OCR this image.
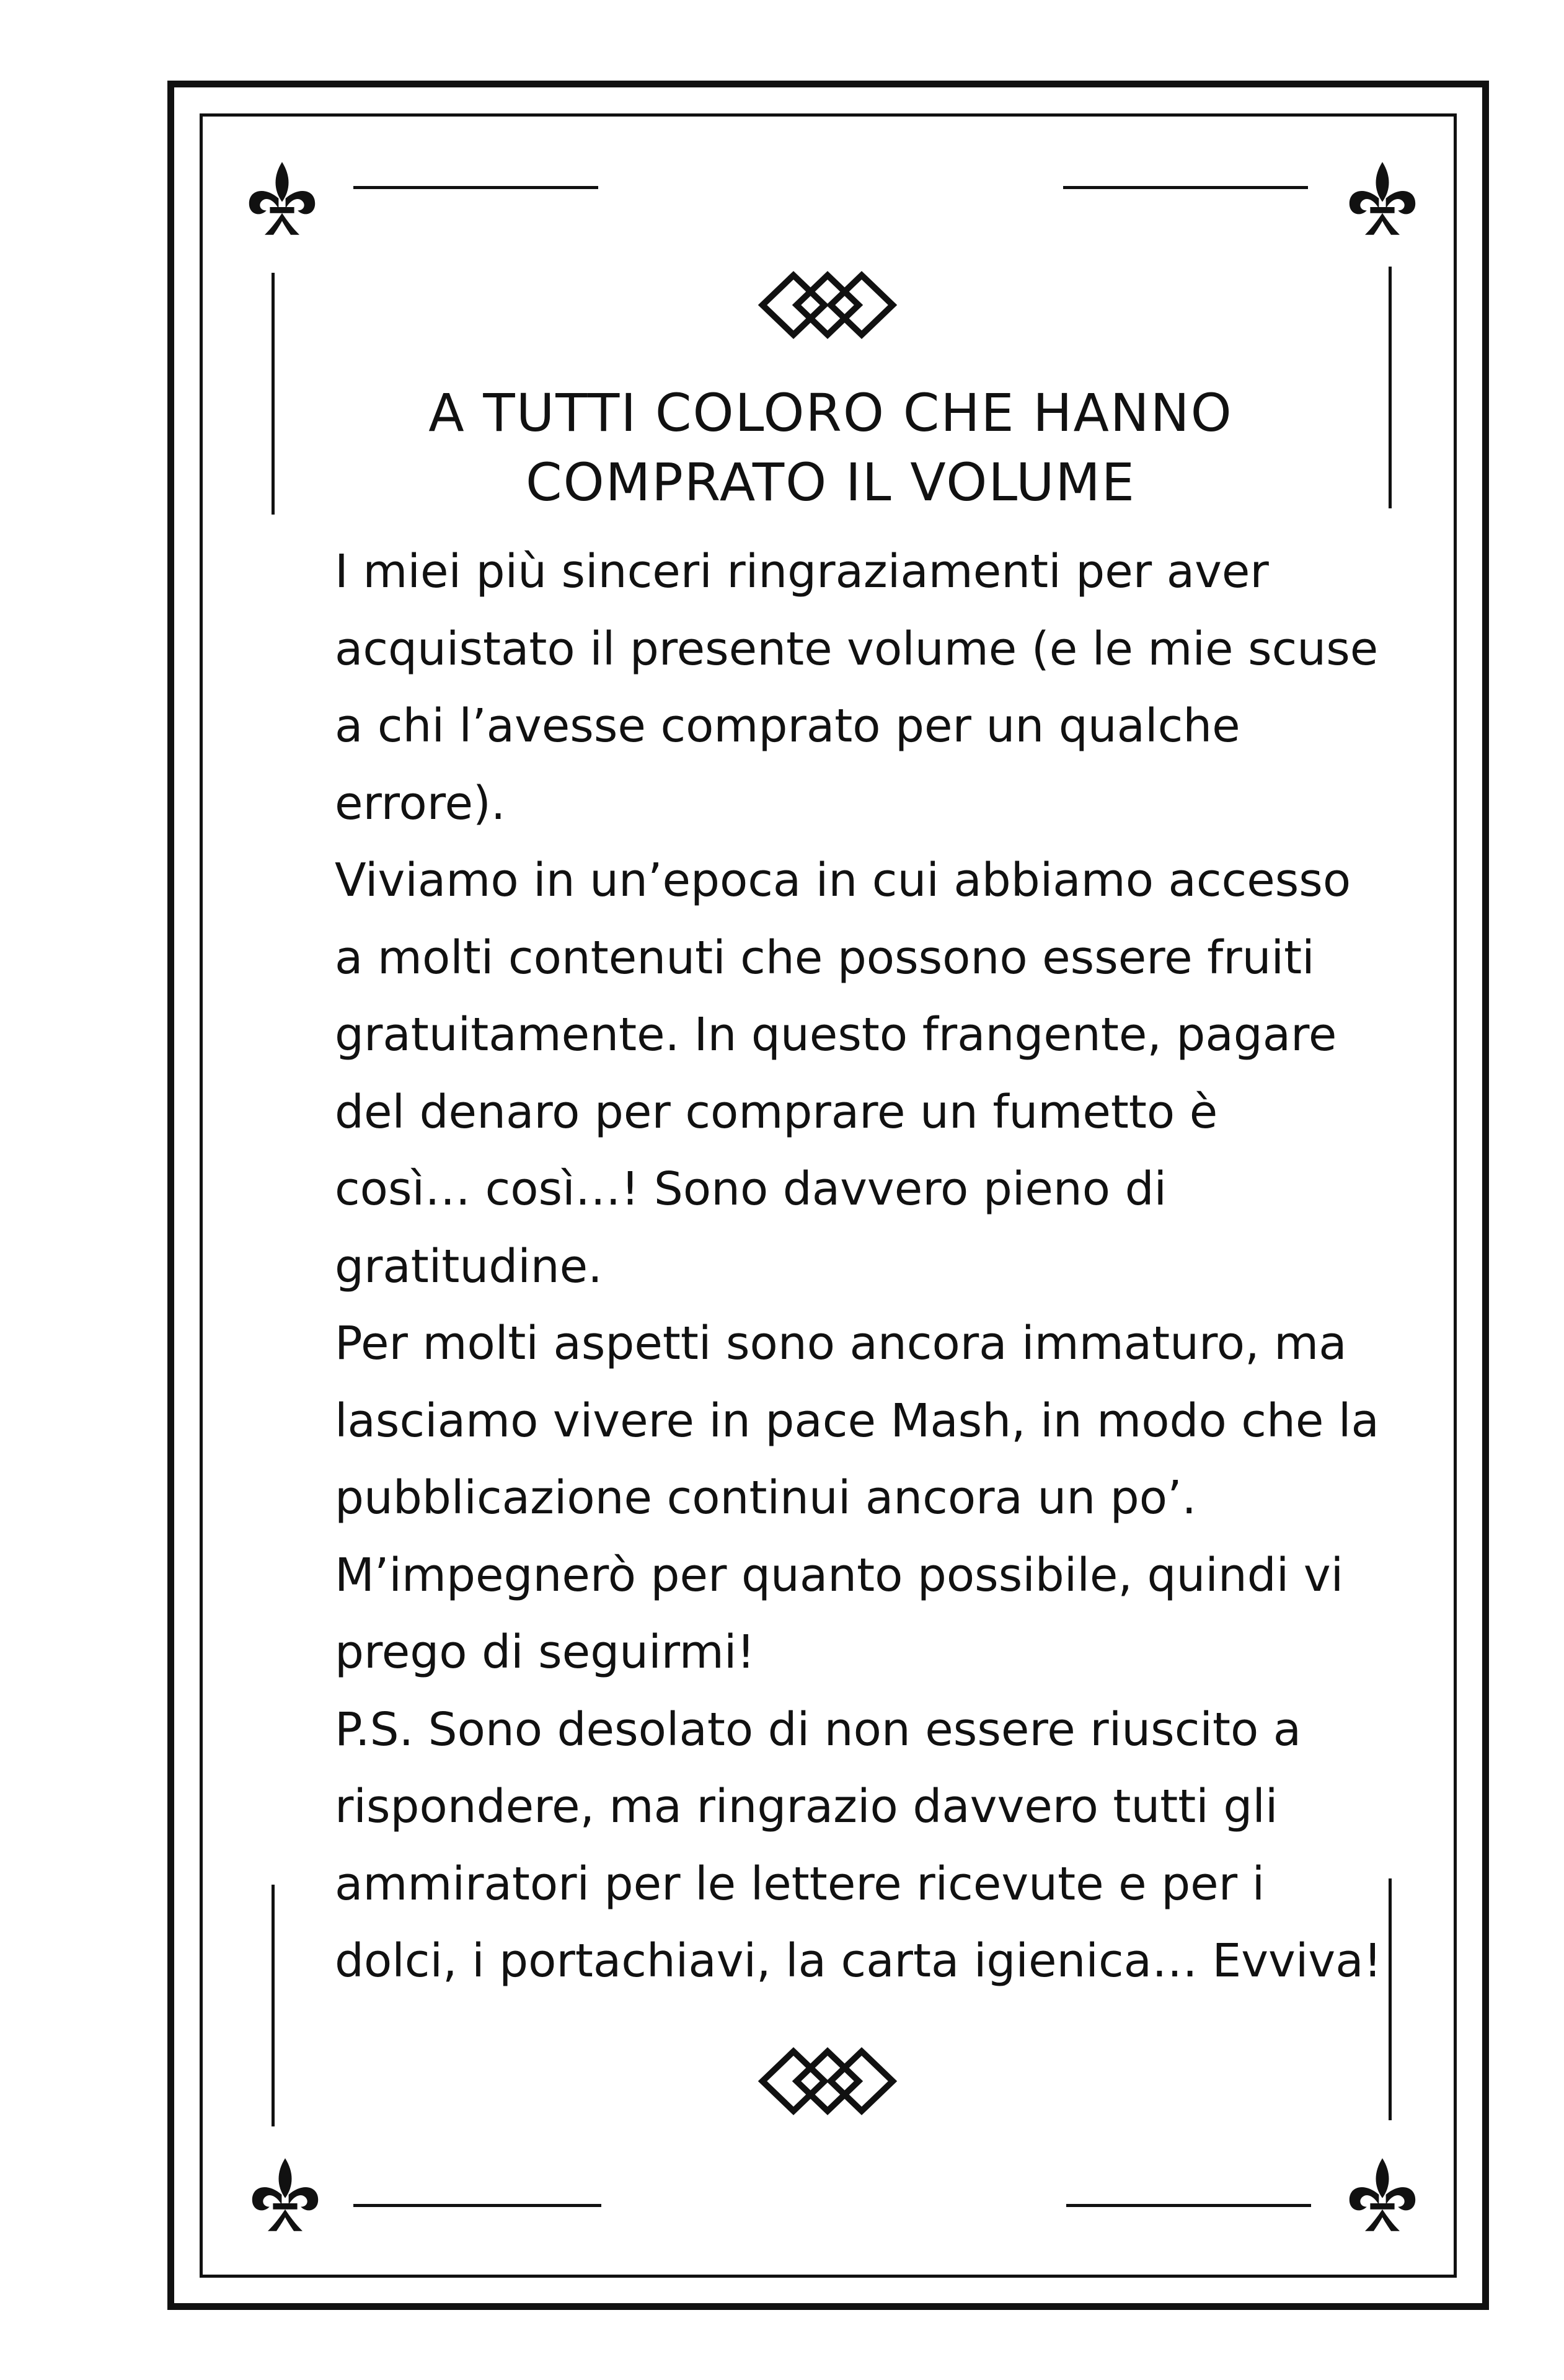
A TUTTI COLORO CHE HANNO
COMPRATO IL VOLUME
I miei più sinceri ringraziamenti per aver
acquistato il presente volume (e le mie scuse
a chi l’avesse comprato per un qualche
errore).
Viviamo in un’epoca in cui abbiamo accesso
a molti contenuti che possono essere fruiti
gratuitamente. In questo frangente, pagare
del denaro per comprare un fumetto è
così… così…! Sono davvero pieno di
gratitudine.
Per molti aspetti sono ancora immaturo, ma
lasciamo vivere in pace Mash, in modo che la
pubblicazione continui ancora un po’.
M’impegnerò per quanto possibile, quindi vi
prego di seguirmi!
P.S. Sono desolato di non essere riuscito a
rispondere, ma ringrazio davvero tutti gli
ammiratori per le lettere ricevute e per i
dolci, i portachiavi, la carta igienica… Evviva!
